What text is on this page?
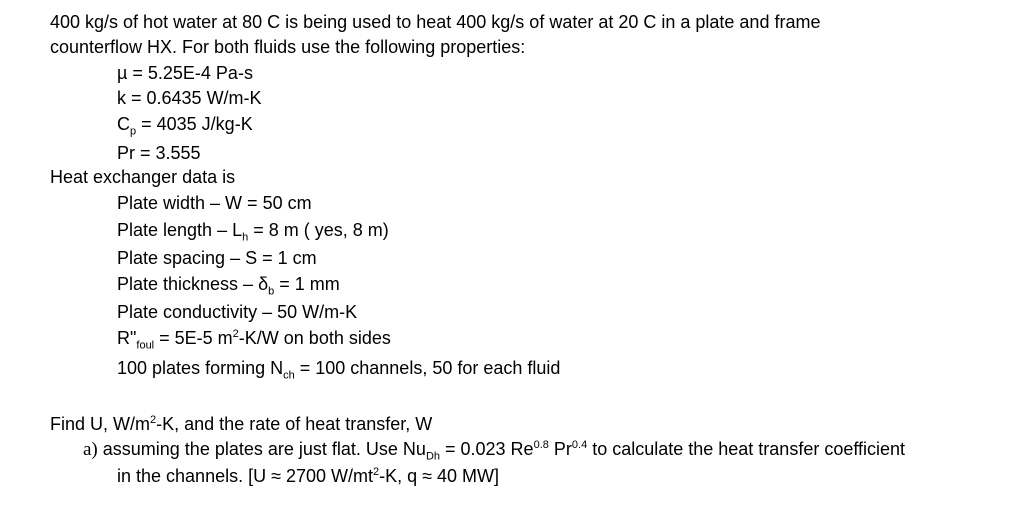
400 kg/s of hot water at 80 C is being used to heat 400 kg/s of water at 20 C in a plate and frame
counterflow HX. For both fluids use the following properties:
µ = 5.25E-4 Pa-s
k = 0.6435 W/m-K
$C_p = 4035$ J/kg-K
Pr = 3.555
Heat exchanger data is
Plate width – W = 50 cm
Plate length – $L_h = 8$ m ( yes, 8 m)
Plate spacing – S = 1 cm
Plate thickness – $\delta_b = 1$ mm
Plate conductivity – 50 W/m-K
$R"_{foul} = 5E-5$ $m^2-K/W$ on both sides
100 plates forming $N_{ch} = 100$ channels, 50 for each fluid
Find U, $W/m^2-K$, and the rate of heat transfer, W
a) assuming the plates are just flat. Use $Nu_{Dh} = 0.023$ $Re^{0.8}$ $Pr^{0.4}$ to calculate the heat transfer coefficient
in the channels. [U ≈ 2700 $W/mt^2-K$, q ≈ 40 MW]
